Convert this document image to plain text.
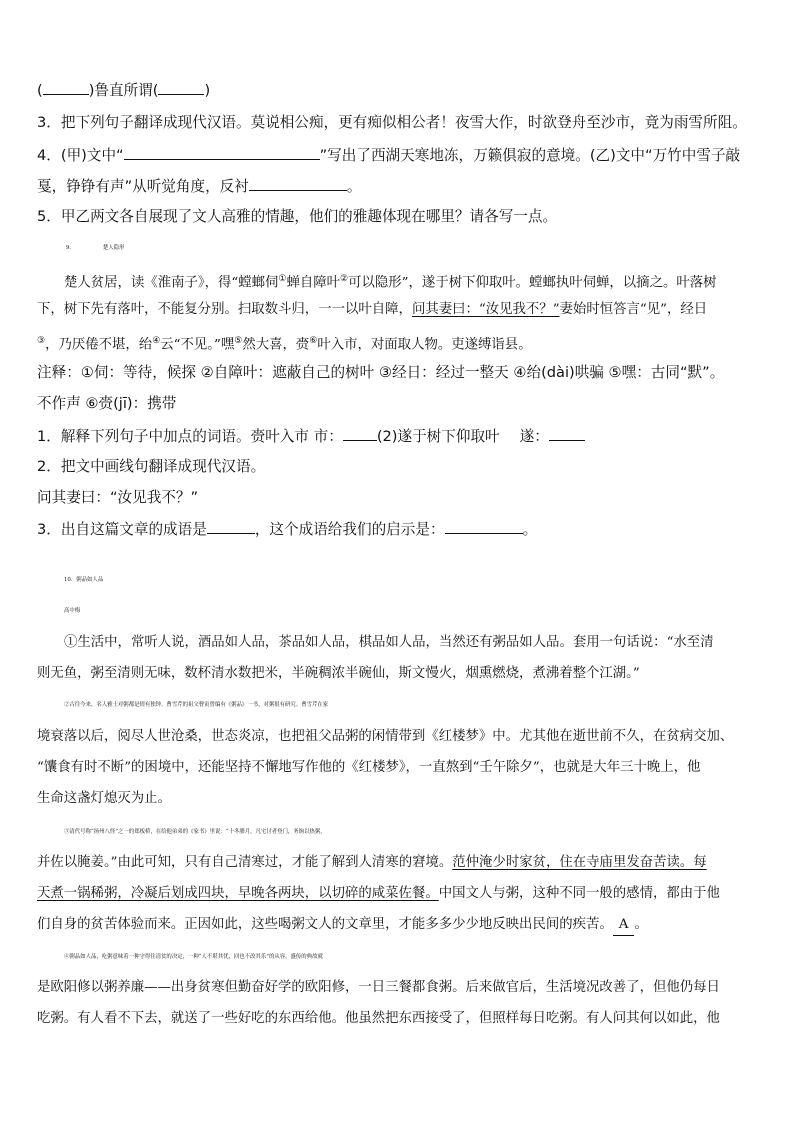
(	)鲁直所谓(	)
3．把下列句子翻译成现代汉语。莫说相公痴，更有痴似相公者！夜雪大作，时欲登舟至沙市，竟为雨雪所阻。
4．(甲)文中“	”写出了西湖天寒地冻，万籁俱寂的意境。(乙)文中“万竹中雪子敲
戛，铮铮有声”从听觉角度，反衬	。
5．甲乙两文各自展现了文人高雅的情趣，他们的雅趣体现在哪里？请各写一点。
9．	楚人隐形
楚人贫居，读《淮南子》，得“螳螂伺①蝉自障叶②可以隐形”，遂于树下仰取叶。螳螂执叶伺蝉，以摘之。叶落树
下，树下先有落叶，不能复分别。扫取数斗归，一一以叶自障，问其妻曰：“汝见我不？”妻始时恒答言“见”，经日
③，乃厌倦不堪，绐④云“不见。”嘿⑤然大喜，赍⑥叶入市，对面取人物。吏遂缚诣县。
注释：①伺：等待，候探 ②自障叶：遮蔽自己的树叶 ③经日：经过一整天 ④绐(dài)哄骗 ⑤嘿：古同“默”。
不作声 ⑥赍(jī)：携带
1．解释下列句子中加点的词语。赍叶入市 市： (2)遂于树下仰取叶 遂：
2．把文中画线句翻译成现代汉语。
问其妻曰：“汝见我不？”
3．出自这篇文章的成语是	，这个成语给我们的启示是：	。
10．粥品如人品
高中梅
①生活中，常听人说，酒品如人品，茶品如人品，棋品如人品，当然还有粥品如人品。套用一句话说：“水至清
则无鱼，粥至清则无味，数杯清水数把米，半碗稠浓半碗仙，斯文慢火，烟熏燃烧，煮沸着整个江湖。”
②古往今来，名人雅士对粥都是情有独钟。曹雪芹的祖父曹寅曾编有《粥品》一书，对粥很有研究。曹雪芹在家
境衰落以后，阅尽人世沧桑，世态炎凉，也把祖父品粥的闲情带到《红楼梦》中。尤其他在逝世前不久，在贫病交加、
“馕食有时不断”的困境中，还能坚持不懈地写作他的《红楼梦》，一直熬到“壬午除夕”，也就是大年三十晚上，他
生命这盏灯熄灭为止。
③清代号称“扬州八怪”之一的郑板桥，在给他弟弟的《家书》里说：“十冬腊月，凡宅讨者登门，务饷以热粥，
并佐以腌姜。”由此可知，只有自己清寒过，才能了解到人清寒的窘境。范仲淹少时家贫，住在寺庙里发奋苦读。每
天煮一锅稀粥，冷凝后划成四块，早晚各两块，以切碎的咸菜佐餐。中国文人与粥，这种不同一般的感情，都由于他
们自身的贫苦体验而来。正因如此，这些喝粥文人的文章里，才能多多少少地反映出民间的疾苦。 A 。
④粥品如人品，吃粥意味着一种守得住清贫的决定，一种“人不堪其忧，回也不改其乐”的从容。盛传的典故就
是欧阳修以粥养廉——出身贫寒但勤奋好学的欧阳修，一日三餐都食粥。后来做官后，生活境况改善了，但他仍每日
吃粥。有人看不下去，就送了一些好吃的东西给他。他虽然把东西接受了，但照样每日吃粥。有人问其何以如此，他
